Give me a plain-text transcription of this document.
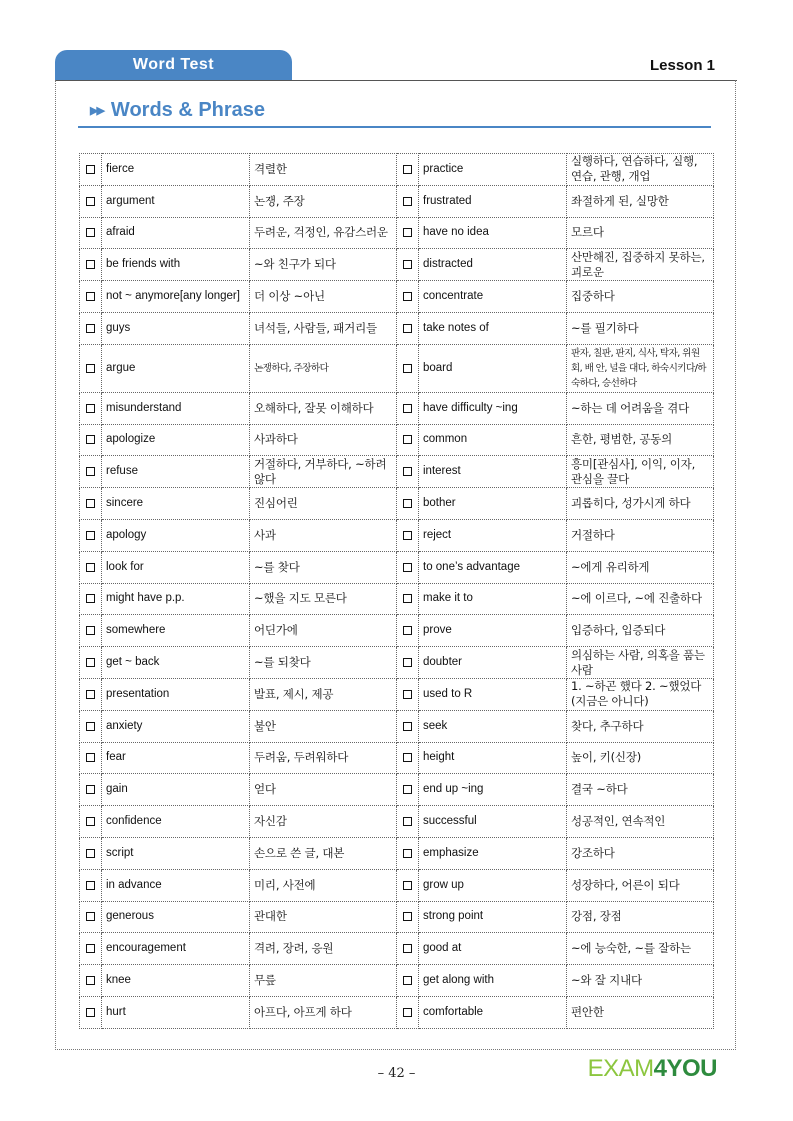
Word Test	Lesson 1
▶▶ Words & Phrase
	fierce	격렬한		practice	실행하다, 연습하다, 실행, 연습, 관행, 개업
	argument	논쟁, 주장		frustrated	좌절하게 된, 실망한
	afraid	두려운, 걱정인, 유감스러운		have no idea	모르다
	be friends with	~와 친구가 되다		distracted	산만해진, 집중하지 못하는, 괴로운
	not ~ anymore[any longer]	더 이상 ~아닌		concentrate	집중하다
	guys	녀석들, 사람들, 패거리들		take notes of	~를 필기하다
	argue	논쟁하다, 주장하다		board	판자, 칠판, 판지, 식사, 탁자, 위원회, 배 안, 널을 대다, 하숙시키다/하숙하다, 승선하다
	misunderstand	오해하다, 잘못 이해하다		have difficulty ~ing	~하는 데 어려움을 겪다
	apologize	사과하다		common	흔한, 평범한, 공동의
	refuse	거절하다, 거부하다, ~하려 않다		interest	흥미[관심사], 이익, 이자, 관심을 끌다
	sincere	진심어린		bother	괴롭히다, 성가시게 하다
	apology	사과		reject	거절하다
	look for	~를 찾다		to one’s advantage	~에게 유리하게
	might have p.p.	~했을 지도 모른다		make it to	~에 이르다, ~에 진출하다
	somewhere	어딘가에		prove	입증하다, 입증되다
	get ~ back	~를 되찾다		doubter	의심하는 사람, 의혹을 품는 사람
	presentation	발표, 제시, 제공		used to R	1. ~하곤 했다 2. ~했었다 (지금은 아니다)
	anxiety	불안		seek	찾다, 추구하다
	fear	두려움, 두려워하다		height	높이, 키(신장)
	gain	얻다		end up ~ing	결국 ~하다
	confidence	자신감		successful	성공적인, 연속적인
	script	손으로 쓴 글, 대본		emphasize	강조하다
	in advance	미리, 사전에		grow up	성장하다, 어른이 되다
	generous	관대한		strong point	강점, 장점
	encouragement	격려, 장려, 응원		good at	~에 능숙한, ~를 잘하는
	knee	무릎		get along with	~와 잘 지내다
	hurt	아프다, 아프게 하다		comfortable	편안한
– 42 –	EXAM4YOU
